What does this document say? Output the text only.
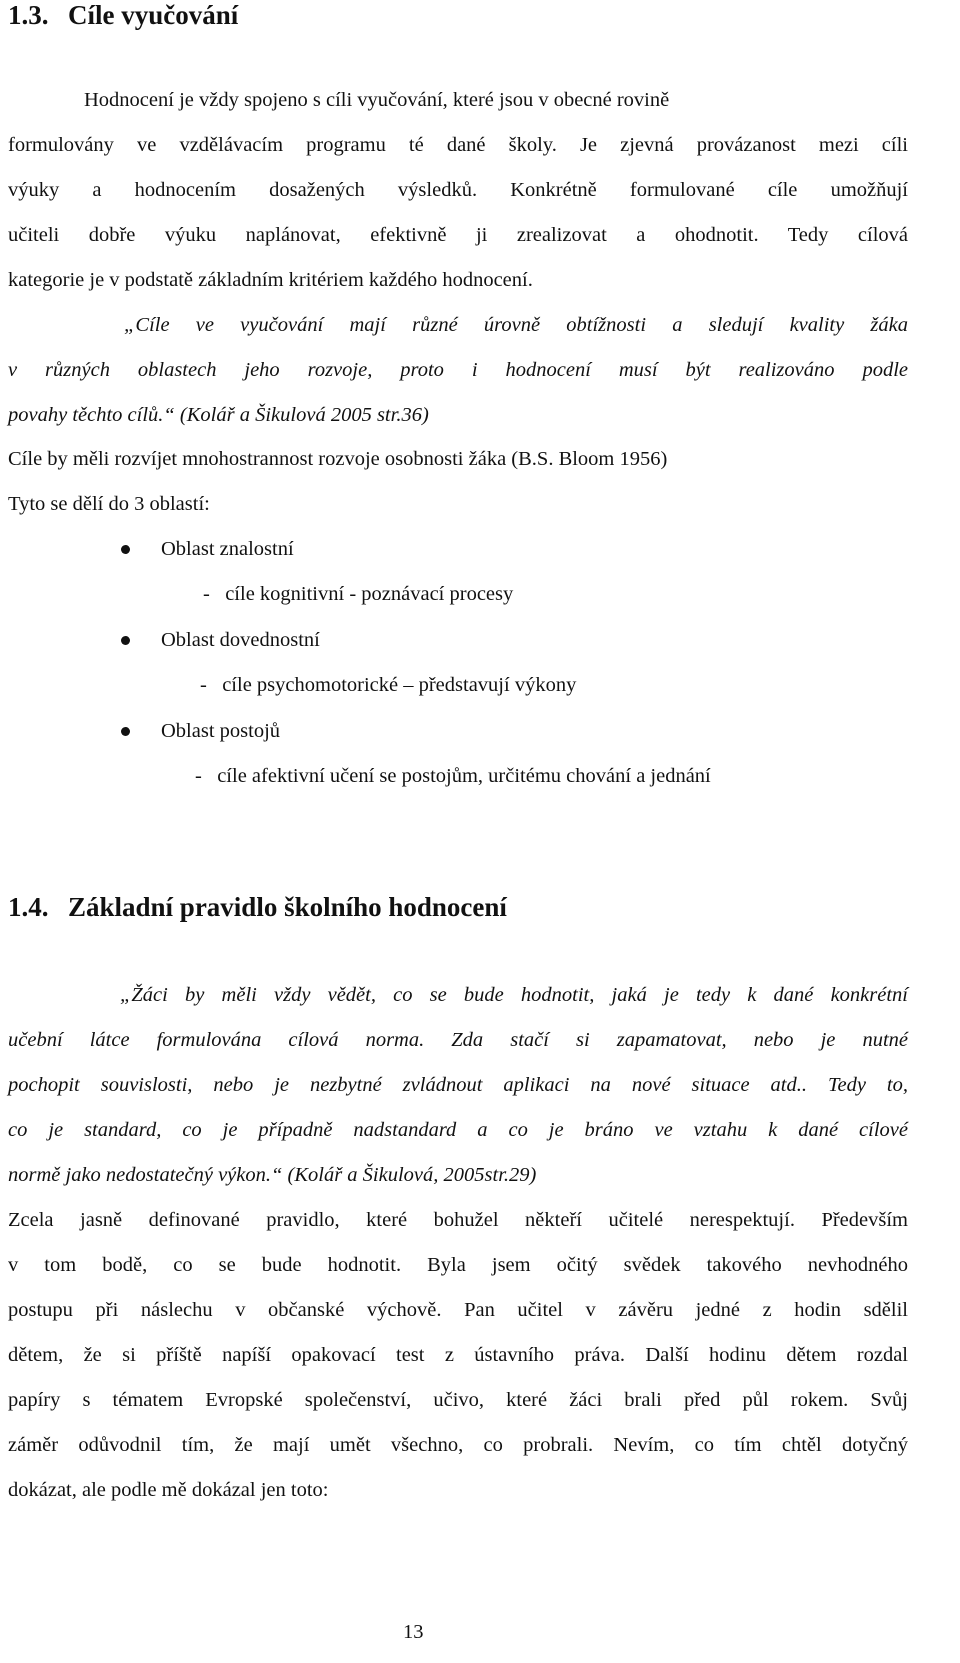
1.3. Cíle vyučování
Hodnocení je vždy spojeno s cíli vyučování, které jsou v obecné rovině
formulovány ve vzdělávacím programu té dané školy. Je zjevná provázanost mezi cíli
výuky a hodnocením dosažených výsledků. Konkrétně formulované cíle umožňují
učiteli dobře výuku naplánovat, efektivně ji zrealizovat a ohodnotit. Tedy cílová
kategorie je v podstatě základním kritériem každého hodnocení.
„Cíle ve vyučování mají různé úrovně obtížnosti a sledují kvality žáka
v různých oblastech jeho rozvoje, proto i hodnocení musí být realizováno podle
povahy těchto cílů.“ (Kolář a Šikulová 2005 str.36)
Cíle by měli rozvíjet mnohostrannost rozvoje osobnosti žáka (B.S. Bloom 1956)
Tyto se dělí do 3 oblastí:
Oblast znalostní
-   cíle kognitivní - poznávací procesy
Oblast dovednostní
-   cíle psychomotorické – představují výkony
Oblast postojů
-   cíle afektivní učení se postojům, určitému chování a jednání
1.4. Základní pravidlo školního hodnocení
„Žáci by měli vždy vědět, co se bude hodnotit, jaká je tedy k dané konkrétní
učební látce formulována cílová norma. Zda stačí si zapamatovat, nebo je nutné
pochopit souvislosti, nebo je nezbytné zvládnout aplikaci na nové situace atd.. Tedy to,
co je standard, co je případně nadstandard a co je bráno ve vztahu k dané cílové
normě jako nedostatečný výkon.“ (Kolář a Šikulová, 2005str.29)
Zcela jasně definované pravidlo, které bohužel někteří učitelé nerespektují. Především
v tom bodě, co se bude hodnotit. Byla jsem očitý svědek takového nevhodného
postupu při náslechu v občanské výchově. Pan učitel v závěru jedné z hodin sdělil
dětem, že si příště napíší opakovací test z ústavního práva. Další hodinu dětem rozdal
papíry s tématem Evropské společenství, učivo, které žáci brali před půl rokem. Svůj
záměr odůvodnil tím, že mají umět všechno, co probrali. Nevím, co tím chtěl dotyčný
dokázat, ale podle mě dokázal jen toto:
13
